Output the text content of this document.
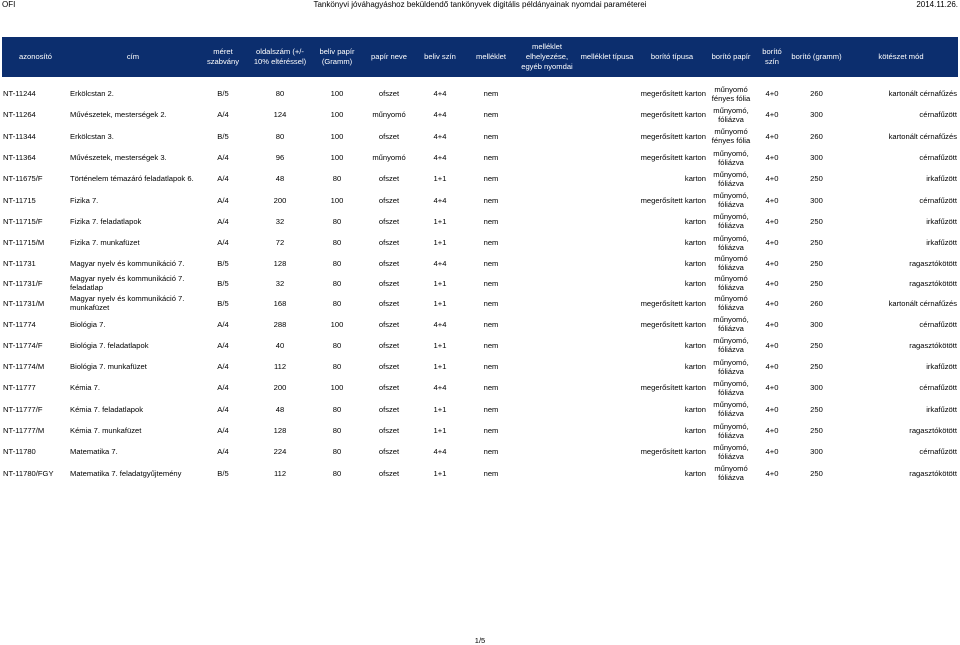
OFI	Tankönyvi jóváhagyáshoz beküldendő tankönyvek digitális példányainak nyomdai paraméterei	2014.11.26.
azonosító	cím	méret szabvány	oldalszám (+/- 10% eltéréssel)	beliv papír (Gramm)	papír neve	beliv szín	melléklet	melléklet elhelyezése, egyéb nyomdai	melléklet típusa	borító típusa	borító papír	borító szín	borító (gramm)	kötészet mód

NT-11244	Erkölcstan 2.	B/5	80	100	ofszet	4+4	nem			megerősített karton	műnyomó fényes fólia	4+0	260	kartonált cérnafűzés
NT-11264	Művészetek, mesterségek 2.	A/4	124	100	műnyomó	4+4	nem			megerősített karton	műnyomó, fóliázva	4+0	300	cérnafűzött
NT-11344	Erkölcstan 3.	B/5	80	100	ofszet	4+4	nem			megerősített karton	műnyomó fényes fólia	4+0	260	kartonált cérnafűzés
NT-11364	Művészetek, mesterségek 3.	A/4	96	100	műnyomó	4+4	nem			megerősített karton	műnyomó, fóliázva	4+0	300	cérnafűzött
NT-11675/F	Történelem témazáró feladatlapok 6.	A/4	48	80	ofszet	1+1	nem			karton	műnyomó, fóliázva	4+0	250	irkafűzött
NT-11715	Fizika 7.	A/4	200	100	ofszet	4+4	nem			megerősített karton	műnyomó, fóliázva	4+0	300	cérnafűzött
NT-11715/F	Fizika 7. feladatlapok	A/4	32	80	ofszet	1+1	nem			karton	műnyomó, fóliázva	4+0	250	irkafűzött
NT-11715/M	Fizika 7. munkafüzet	A/4	72	80	ofszet	1+1	nem			karton	műnyomó, fóliázva	4+0	250	irkafűzött
NT-11731	Magyar nyelv és kommunikáció 7.	B/5	128	80	ofszet	4+4	nem			karton	műnyomó fóliázva	4+0	250	ragasztókötött
NT-11731/F	Magyar nyelv és kommunikáció 7. feladatlap	B/5	32	80	ofszet	1+1	nem			karton	műnyomó fóliázva	4+0	250	ragasztókötött
NT-11731/M	Magyar nyelv és kommunikáció 7. munkafüzet	B/5	168	80	ofszet	1+1	nem			megerősített karton	műnyomó fóliázva	4+0	260	kartonált cérnafűzés
NT-11774	Biológia 7.	A/4	288	100	ofszet	4+4	nem			megerősített karton	műnyomó, fóliázva	4+0	300	cérnafűzött
NT-11774/F	Biológia 7. feladatlapok	A/4	40	80	ofszet	1+1	nem			karton	műnyomó, fóliázva	4+0	250	ragasztókötött
NT-11774/M	Biológia 7. munkafüzet	A/4	112	80	ofszet	1+1	nem			karton	műnyomó, fóliázva	4+0	250	irkafűzött
NT-11777	Kémia 7.	A/4	200	100	ofszet	4+4	nem			megerősített karton	műnyomó, fóliázva	4+0	300	cérnafűzött
NT-11777/F	Kémia 7. feladatlapok	A/4	48	80	ofszet	1+1	nem			karton	műnyomó, fóliázva	4+0	250	irkafűzött
NT-11777/M	Kémia 7. munkafüzet	A/4	128	80	ofszet	1+1	nem			karton	műnyomó, fóliázva	4+0	250	ragasztókötött
NT-11780	Matematika 7.	A/4	224	80	ofszet	4+4	nem			megerősített karton	műnyomó, fóliázva	4+0	300	cérnafűzött
NT-11780/FGY	Matematika 7. feladatgyűjtemény	B/5	112	80	ofszet	1+1	nem			karton	műnyomó fóliázva	4+0	250	ragasztókötött
1/5
